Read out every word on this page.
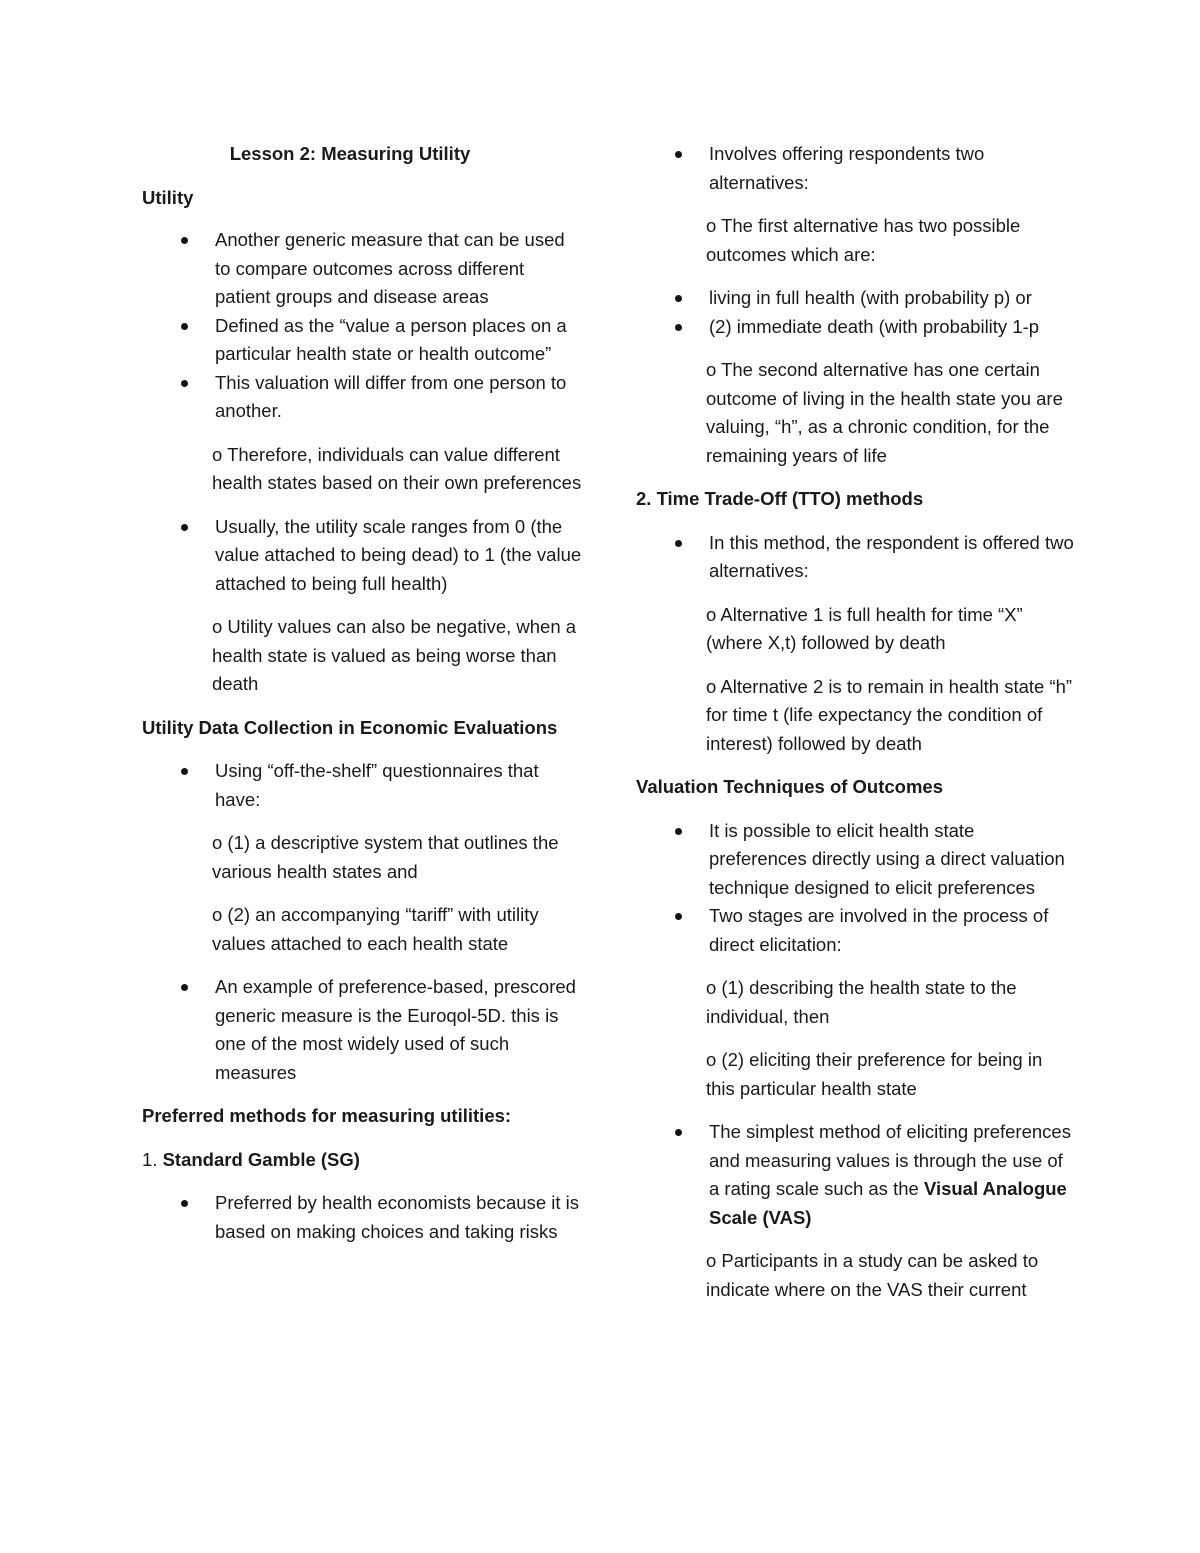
Lesson 2: Measuring Utility
Utility
Another generic measure that can be used to compare outcomes across different patient groups and disease areas
Defined as the “value a person places on a particular health state or health outcome”
This valuation will differ from one person to another.

o Therefore, individuals can value different health states based on their own preferences

Usually, the utility scale ranges from 0 (the value attached to being dead) to 1 (the value attached to being full health)

o Utility values can also be negative, when a health state is valued as being worse than death

Utility Data Collection in Economic Evaluations
Using “off-the-shelf” questionnaires that have:

o (1) a descriptive system that outlines the various health states and

o (2) an accompanying “tariff” with utility values attached to each health state

An example of preference-based, prescored generic measure is the Euroqol-5D. this is one of the most widely used of such measures
Preferred methods for measuring utilities:
1. Standard Gamble (SG)
Preferred by health economists because it is based on making choices and taking risks
Involves offering respondents two alternatives:

o The first alternative has two possible outcomes which are:

living in full health (with probability p) or
(2) immediate death (with probability 1-p

o The second alternative has one certain outcome of living in the health state you are valuing, “h”, as a chronic condition, for the remaining years of life

2. Time Trade-Off (TTO) methods
In this method, the respondent is offered two alternatives:

o Alternative 1 is full health for time “X” (where X,t) followed by death

o Alternative 2 is to remain in health state “h” for time t (life expectancy the condition of interest) followed by death

Valuation Techniques of Outcomes
It is possible to elicit health state preferences directly using a direct valuation technique designed to elicit preferences
Two stages are involved in the process of direct elicitation:

o (1) describing the health state to the individual, then

o (2) eliciting their preference for being in this particular health state

The simplest method of eliciting preferences and measuring values is through the use of a rating scale such as the Visual Analogue Scale (VAS)

o Participants in a study can be asked to indicate where on the VAS their current
